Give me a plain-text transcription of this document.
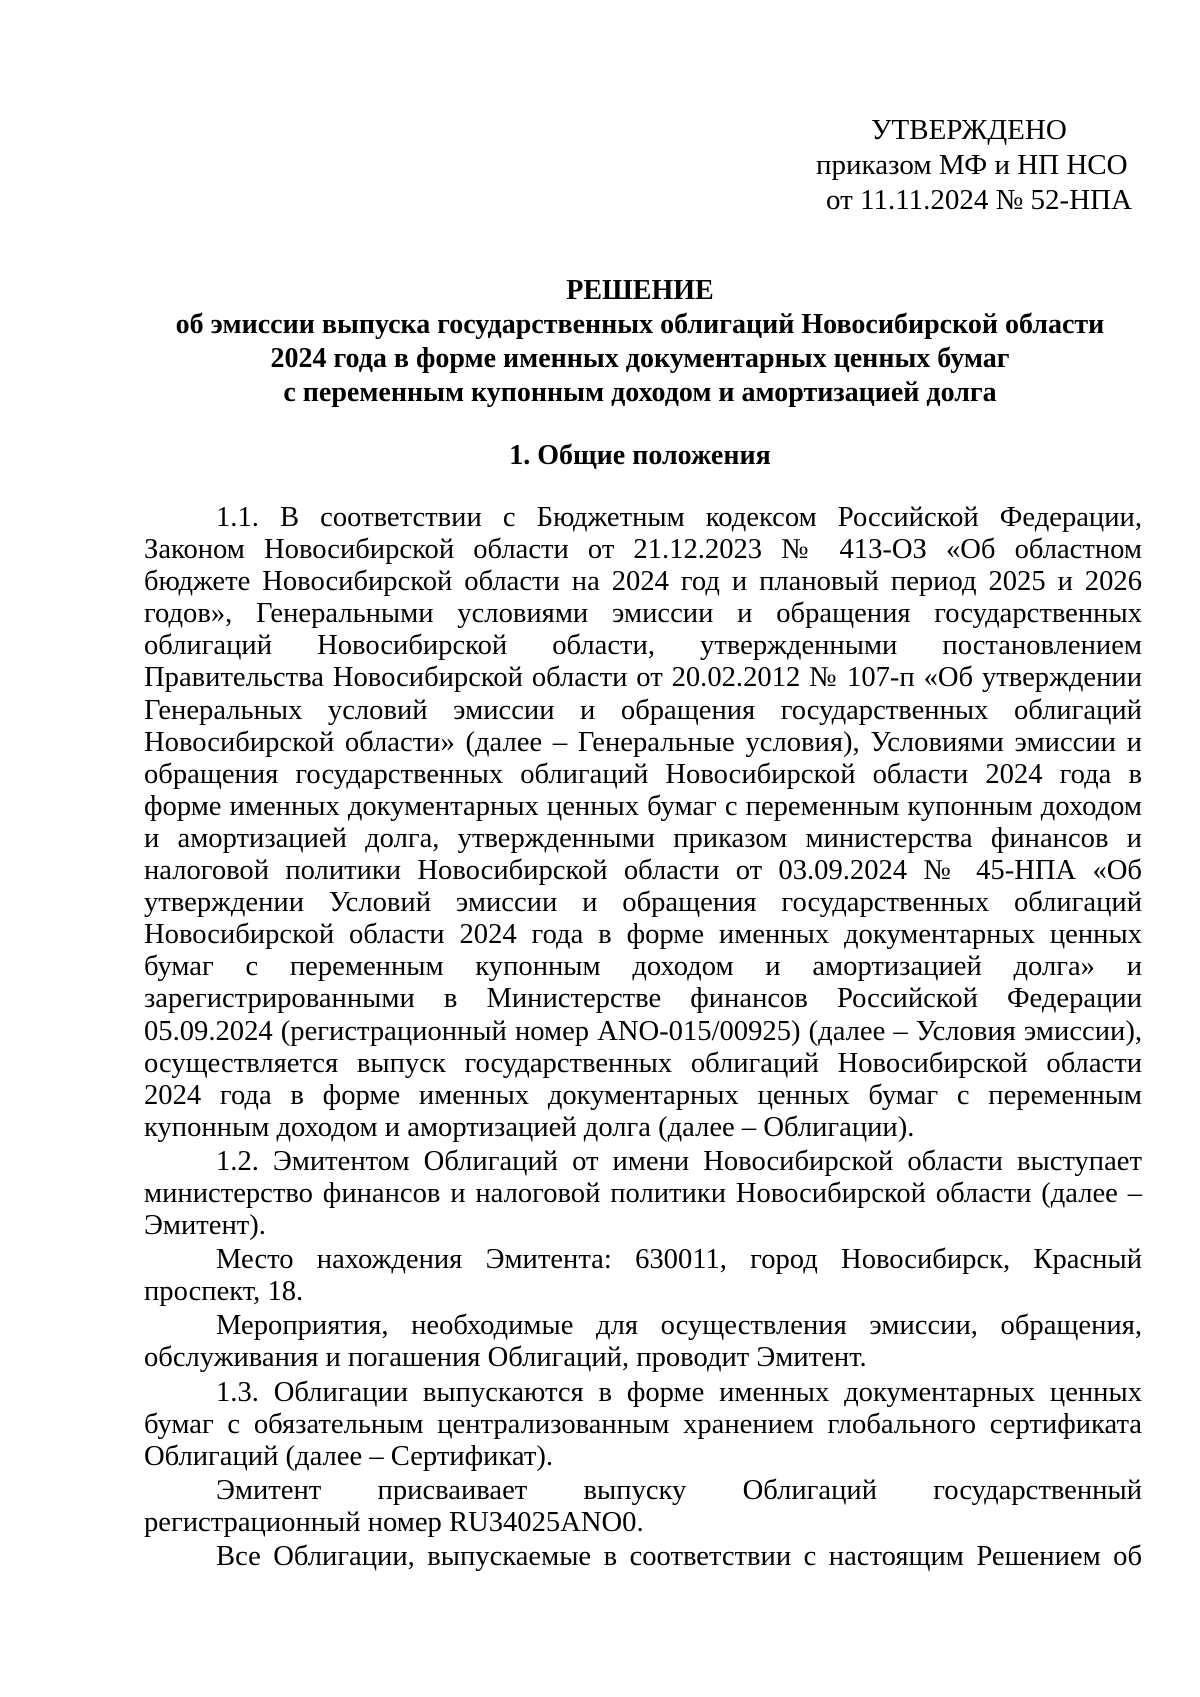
УТВЕРЖДЕНО
приказом МФ и НП НСО
от 11.11.2024 № 52-НПА
РЕШЕНИЕ
об эмиссии выпуска государственных облигаций Новосибирской области
2024 года в форме именных документарных ценных бумаг
с переменным купонным доходом и амортизацией долга
1. Общие положения

1.1. В соответствии с Бюджетным кодексом Российской Федерации, Законом Новосибирской области от 21.12.2023 № 413-ОЗ «Об областном бюджете Новосибирской области на 2024 год и плановый период 2025 и 2026 годов», Генеральными условиями эмиссии и обращения государственных облигаций Новосибирской области, утвержденными постановлением Правительства Новосибирской области от 20.02.2012 № 107-п «Об утверждении Генеральных условий эмиссии и обращения государственных облигаций Новосибирской области» (далее – Генеральные условия), Условиями эмиссии и обращения государственных облигаций Новосибирской области 2024 года в форме именных документарных ценных бумаг с переменным купонным доходом и амортизацией долга, утвержденными приказом министерства финансов и налоговой политики Новосибирской области от 03.09.2024 № 45-НПА «Об утверждении Условий эмиссии и обращения государственных облигаций Новосибирской области 2024 года в форме именных документарных ценных бумаг с переменным купонным доходом и амортизацией долга» и зарегистрированными в Министерстве финансов Российской Федерации 05.09.2024 (регистрационный номер ANO-015/00925) (далее – Условия эмиссии), осуществляется выпуск государственных облигаций Новосибирской области 2024 года в форме именных документарных ценных бумаг с переменным купонным доходом и амортизацией долга (далее – Облигации).

1.2. Эмитентом Облигаций от имени Новосибирской области выступает министерство финансов и налоговой политики Новосибирской области (далее – Эмитент).

Место нахождения Эмитента: 630011, город Новосибирск, Красный проспект, 18.

Мероприятия, необходимые для осуществления эмиссии, обращения, обслуживания и погашения Облигаций, проводит Эмитент.

1.3. Облигации выпускаются в форме именных документарных ценных бумаг с обязательным централизованным хранением глобального сертификата Облигаций (далее – Сертификат).

Эмитент присваивает выпуску Облигаций государственный регистрационный номер RU34025ANO0.

Все Облигации, выпускаемые в соответствии с настоящим Решением об
